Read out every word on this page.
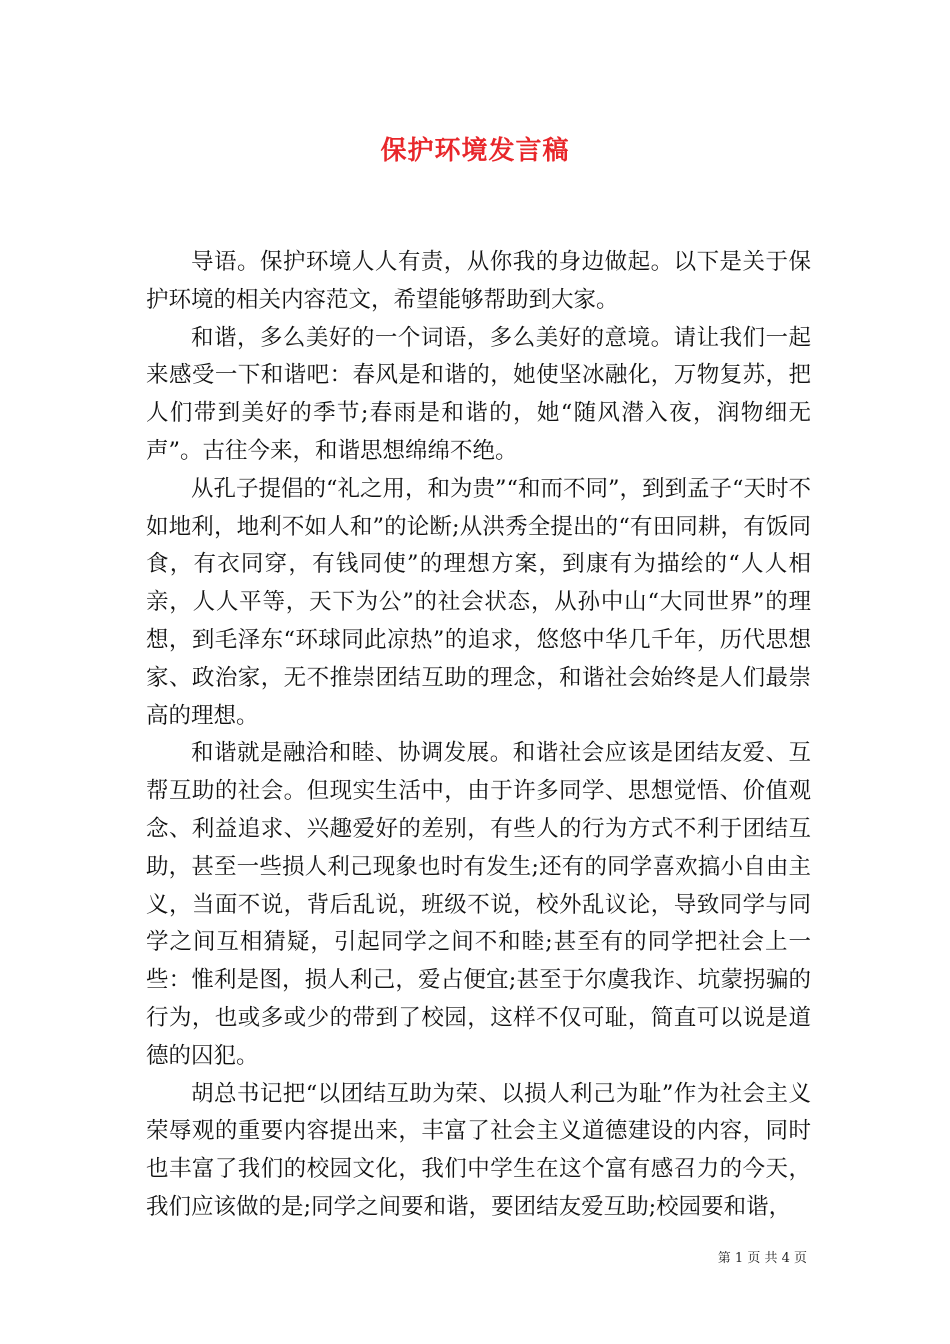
保护环境发言稿

导语。保护环境人人有责，从你我的身边做起。以下是关于保护环境的相关内容范文，希望能够帮助到大家。

和谐，多么美好的一个词语，多么美好的意境。请让我们一起来感受一下和谐吧：春风是和谐的，她使坚冰融化，万物复苏，把人们带到美好的季节;春雨是和谐的，她“随风潜入夜，润物细无声”。古往今来，和谐思想绵绵不绝。

从孔子提倡的“礼之用，和为贵”“和而不同”，到到孟子“天时不如地利，地利不如人和”的论断;从洪秀全提出的“有田同耕，有饭同食，有衣同穿，有钱同使”的理想方案，到康有为描绘的“人人相亲，人人平等，天下为公”的社会状态，从孙中山“大同世界”的理想，到毛泽东“环球同此凉热”的追求，悠悠中华几千年，历代思想家、政治家，无不推崇团结互助的理念，和谐社会始终是人们最崇高的理想。

和谐就是融洽和睦、协调发展。和谐社会应该是团结友爱、互帮互助的社会。但现实生活中，由于许多同学、思想觉悟、价值观念、利益追求、兴趣爱好的差别，有些人的行为方式不利于团结互助，甚至一些损人利己现象也时有发生;还有的同学喜欢搞小自由主义，当面不说，背后乱说，班级不说，校外乱议论，导致同学与同学之间互相猜疑，引起同学之间不和睦;甚至有的同学把社会上一些：惟利是图，损人利己，爱占便宜;甚至于尔虞我诈、坑蒙拐骗的行为，也或多或少的带到了校园，这样不仅可耻，简直可以说是道德的囚犯。

胡总书记把“以团结互助为荣、以损人利己为耻”作为社会主义荣辱观的重要内容提出来，丰富了社会主义道德建设的内容，同时也丰富了我们的校园文化，我们中学生在这个富有感召力的今天，我们应该做的是;同学之间要和谐，要团结友爱互助;校园要和谐，

第 1 页 共 4 页
